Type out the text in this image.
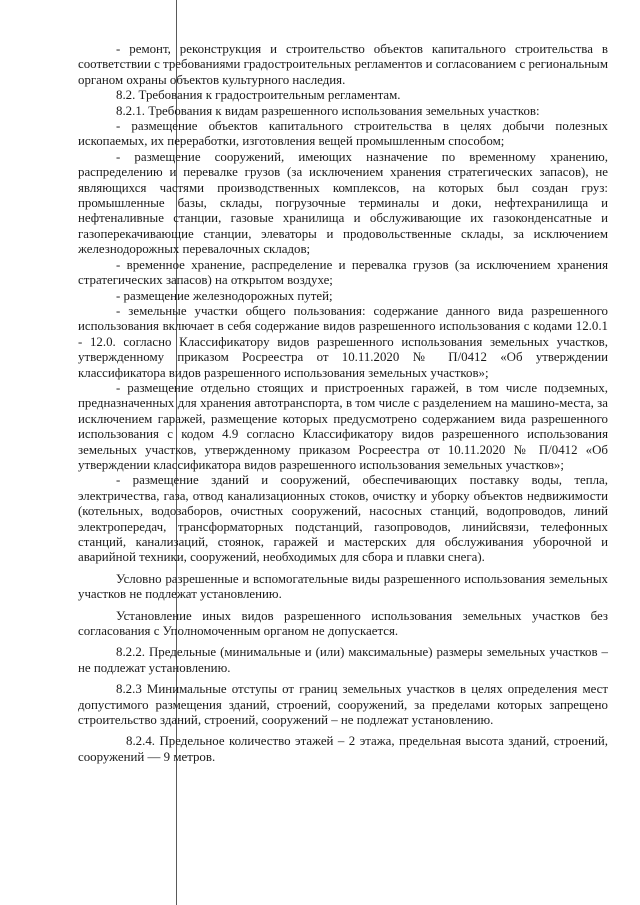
- ремонт, реконструкция и строительство объектов капитального строительства в соответствии с требованиями градостроительных регламентов и согласованием с региональным органом охраны объектов культурного наследия.

8.2. Требования к градостроительным регламентам.

8.2.1. Требования к видам разрешенного использования земельных участков:

- размещение объектов капитального строительства в целях добычи полезных ископаемых, их переработки, изготовления вещей промышленным способом;

- размещение сооружений, имеющих назначение по временному хранению, распределению и перевалке грузов (за исключением хранения стратегических запасов), не являющихся частями производственных комплексов, на которых был создан груз: промышленные базы, склады, погрузочные терминалы и доки, нефтехранилища и нефтеналивные станции, газовые хранилища и обслуживающие их газоконденсатные и газоперекачивающие станции, элеваторы и продовольственные склады, за исключением железнодорожных перевалочных складов;

- временное хранение, распределение и перевалка грузов (за исключением хранения стратегических запасов) на открытом воздухе;

- размещение железнодорожных путей;

- земельные участки общего пользования: содержание данного вида разрешенного использования включает в себя содержание видов разрешенного использования с кодами 12.0.1 - 12.0. согласно Классификатору видов разрешенного использования земельных участков, утвержденному приказом Росреестра от 10.11.2020 № П/0412 «Об утверждении классификатора видов разрешенного использования земельных участков»;

- размещение отдельно стоящих и пристроенных гаражей, в том числе подземных, предназначенных для хранения автотранспорта, в том числе с разделением на машино-места, за исключением гаражей, размещение которых предусмотрено содержанием вида разрешенного использования с кодом 4.9 согласно Классификатору видов разрешенного использования земельных участков, утвержденному приказом Росреестра от 10.11.2020 № П/0412 «Об утверждении классификатора видов разрешенного использования земельных участков»;

- размещение зданий и сооружений, обеспечивающих поставку воды, тепла, электричества, газа, отвод канализационных стоков, очистку и уборку объектов недвижимости (котельных, водозаборов, очистных сооружений, насосных станций, водопроводов, линий электропередач, трансформаторных подстанций, газопроводов, линийсвязи, телефонных станций, канализаций, стоянок, гаражей и мастерских для обслуживания уборочной и аварийной техники, сооружений, необходимых для сбора и плавки снега).

Условно разрешенные и вспомогательные виды разрешенного использования земельных участков не подлежат установлению.

Установление иных видов разрешенного использования земельных участков без согласования с Уполномоченным органом не допускается.

8.2.2. Предельные (минимальные и (или) максимальные) размеры земельных участков – не подлежат установлению.

8.2.3 Минимальные отступы от границ земельных участков в целях определения мест допустимого размещения зданий, строений, сооружений, за пределами которых запрещено строительство зданий, строений, сооружений – не подлежат установлению.

8.2.4. Предельное количество этажей – 2 этажа, предельная высота зданий, строений, сооружений — 9 метров.
